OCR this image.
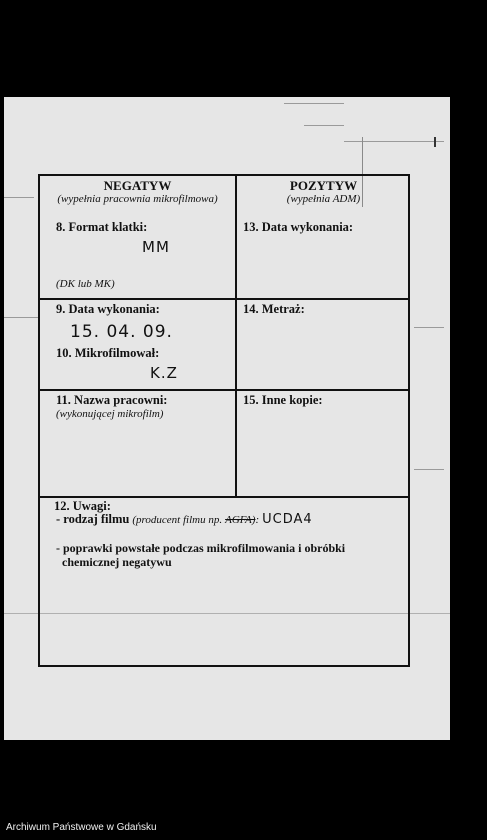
NEGATYW
(wypełnia pracownia mikrofilmowa)
POZYTYW
(wypełnia ADM)
8. Format klatki:
MM
(DK lub MK)
13. Data wykonania:
9. Data wykonania:
15. 04. 09.
10. Mikrofilmował:
K.Z
14. Metraż:
11. Nazwa pracowni:
(wykonującej mikrofilm)
15. Inne kopie:
12. Uwagi:
- rodzaj filmu (producent filmu np. AGFA): UCDA4
- poprawki powstałe podczas mikrofilmowania i obróbki
chemicznej negatywu
Archiwum Państwowe w Gdańsku
